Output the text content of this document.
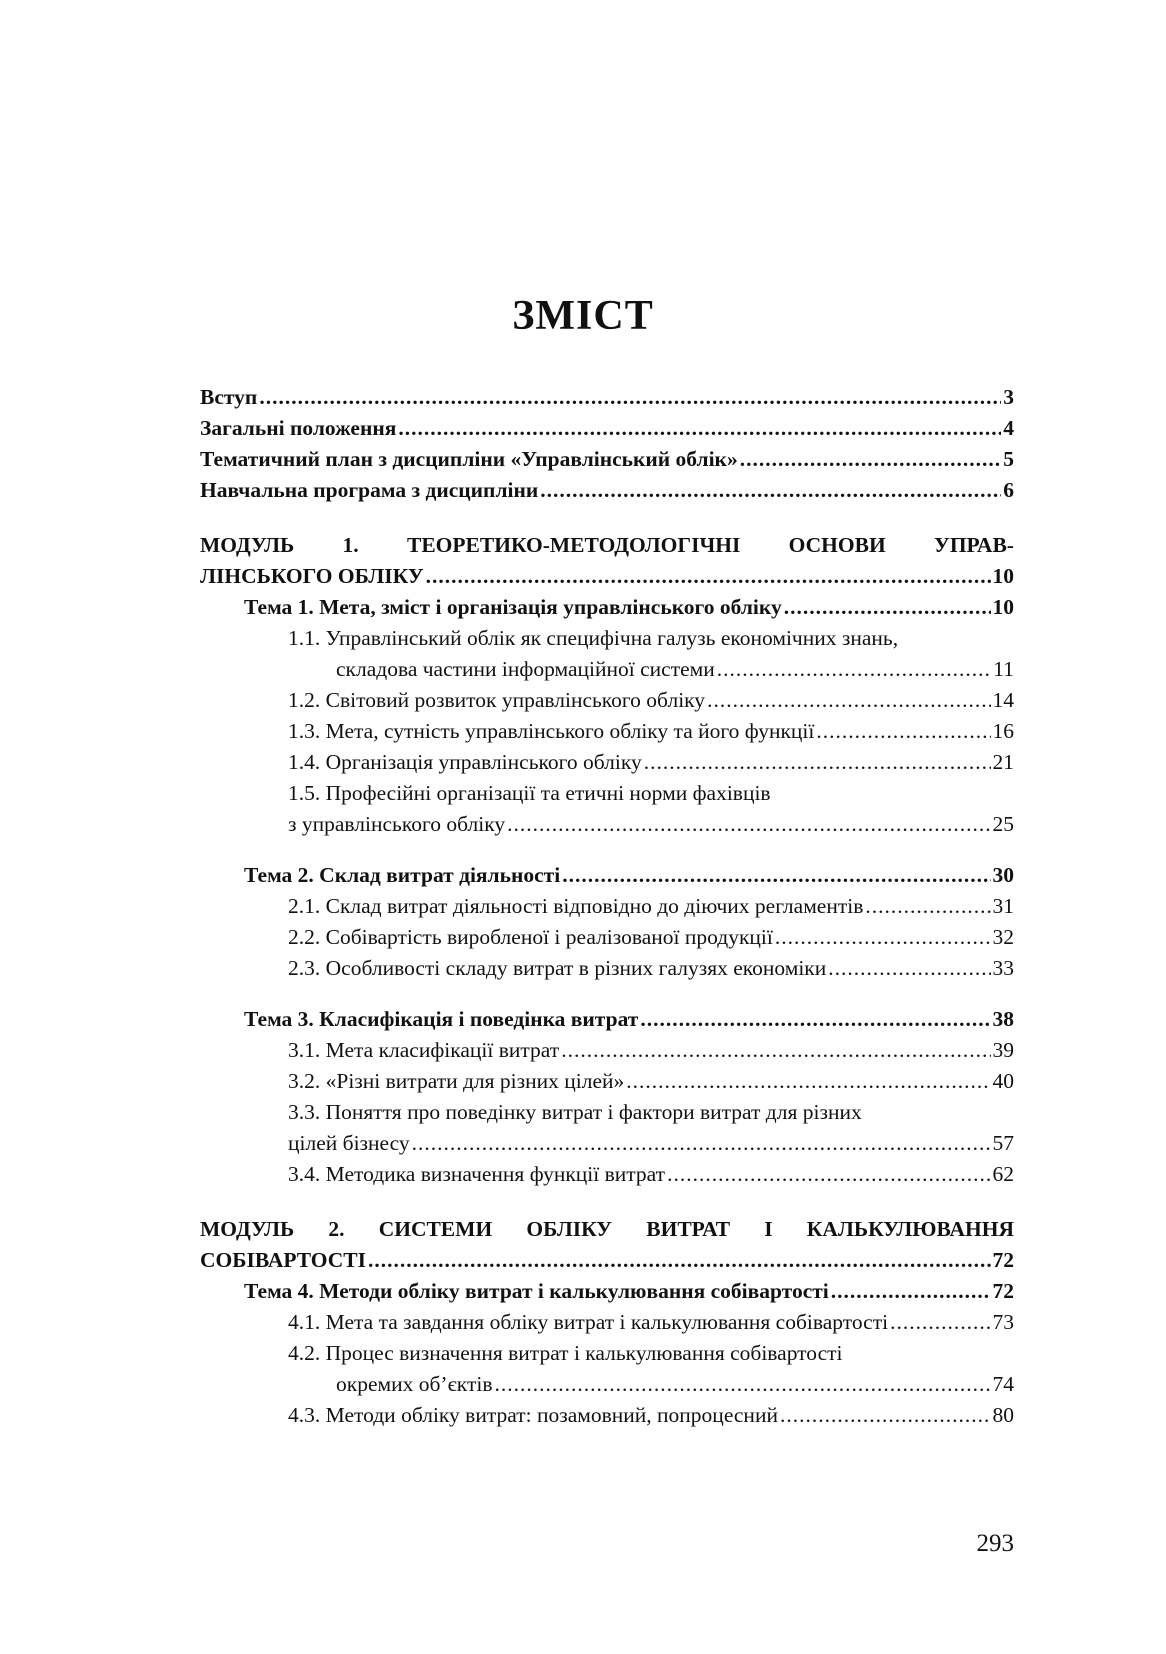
ЗМІСТ
Вступ .....	3
Загальні положення .....	4
Тематичний план з дисципліни «Управлінський облік» .....	5
Навчальна програма з дисципліни .....	6
МОДУЛЬ 1. ТЕОРЕТИКО-МЕТОДОЛОГІЧНІ ОСНОВИ УПРАВ-
ЛІНСЬКОГО ОБЛІКУ .....	10
Тема 1. Мета, зміст і організація управлінського обліку .....	10
1.1. Управлінський облік як специфічна галузь економічних знань,
складова частини інформаційної системи .....	11
1.2. Світовий розвиток управлінського обліку .....	14
1.3. Мета, сутність управлінського обліку та його функції .....	16
1.4. Організація управлінського обліку .....	21
1.5. Професійні організації та етичні норми фахівців
з управлінського обліку .....	25
Тема 2. Склад витрат діяльності .....	30
2.1. Склад витрат діяльності відповідно до діючих регламентів .....	31
2.2. Собівартість виробленої і реалізованої продукції .....	32
2.3. Особливості складу витрат в різних галузях економіки .....	33
Тема 3. Класифікація і поведінка витрат .....	38
3.1. Мета класифікації витрат .....	39
3.2. «Різні витрати для різних цілей» .....	40
3.3. Поняття про поведінку витрат і фактори витрат для різних
цілей бізнесу .....	57
3.4. Методика визначення функції витрат .....	62
МОДУЛЬ 2. СИСТЕМИ ОБЛІКУ ВИТРАТ І КАЛЬКУЛЮВАННЯ
СОБІВАРТОСТІ .....	72
Тема 4. Методи обліку витрат і калькулювання собівартості .....	72
4.1. Мета та завдання обліку витрат і калькулювання собівартості .....	73
4.2. Процес визначення витрат і калькулювання собівартості
окремих об’єктів .....	74
4.3. Методи обліку витрат: позамовний, попроцесний .....	80
293
